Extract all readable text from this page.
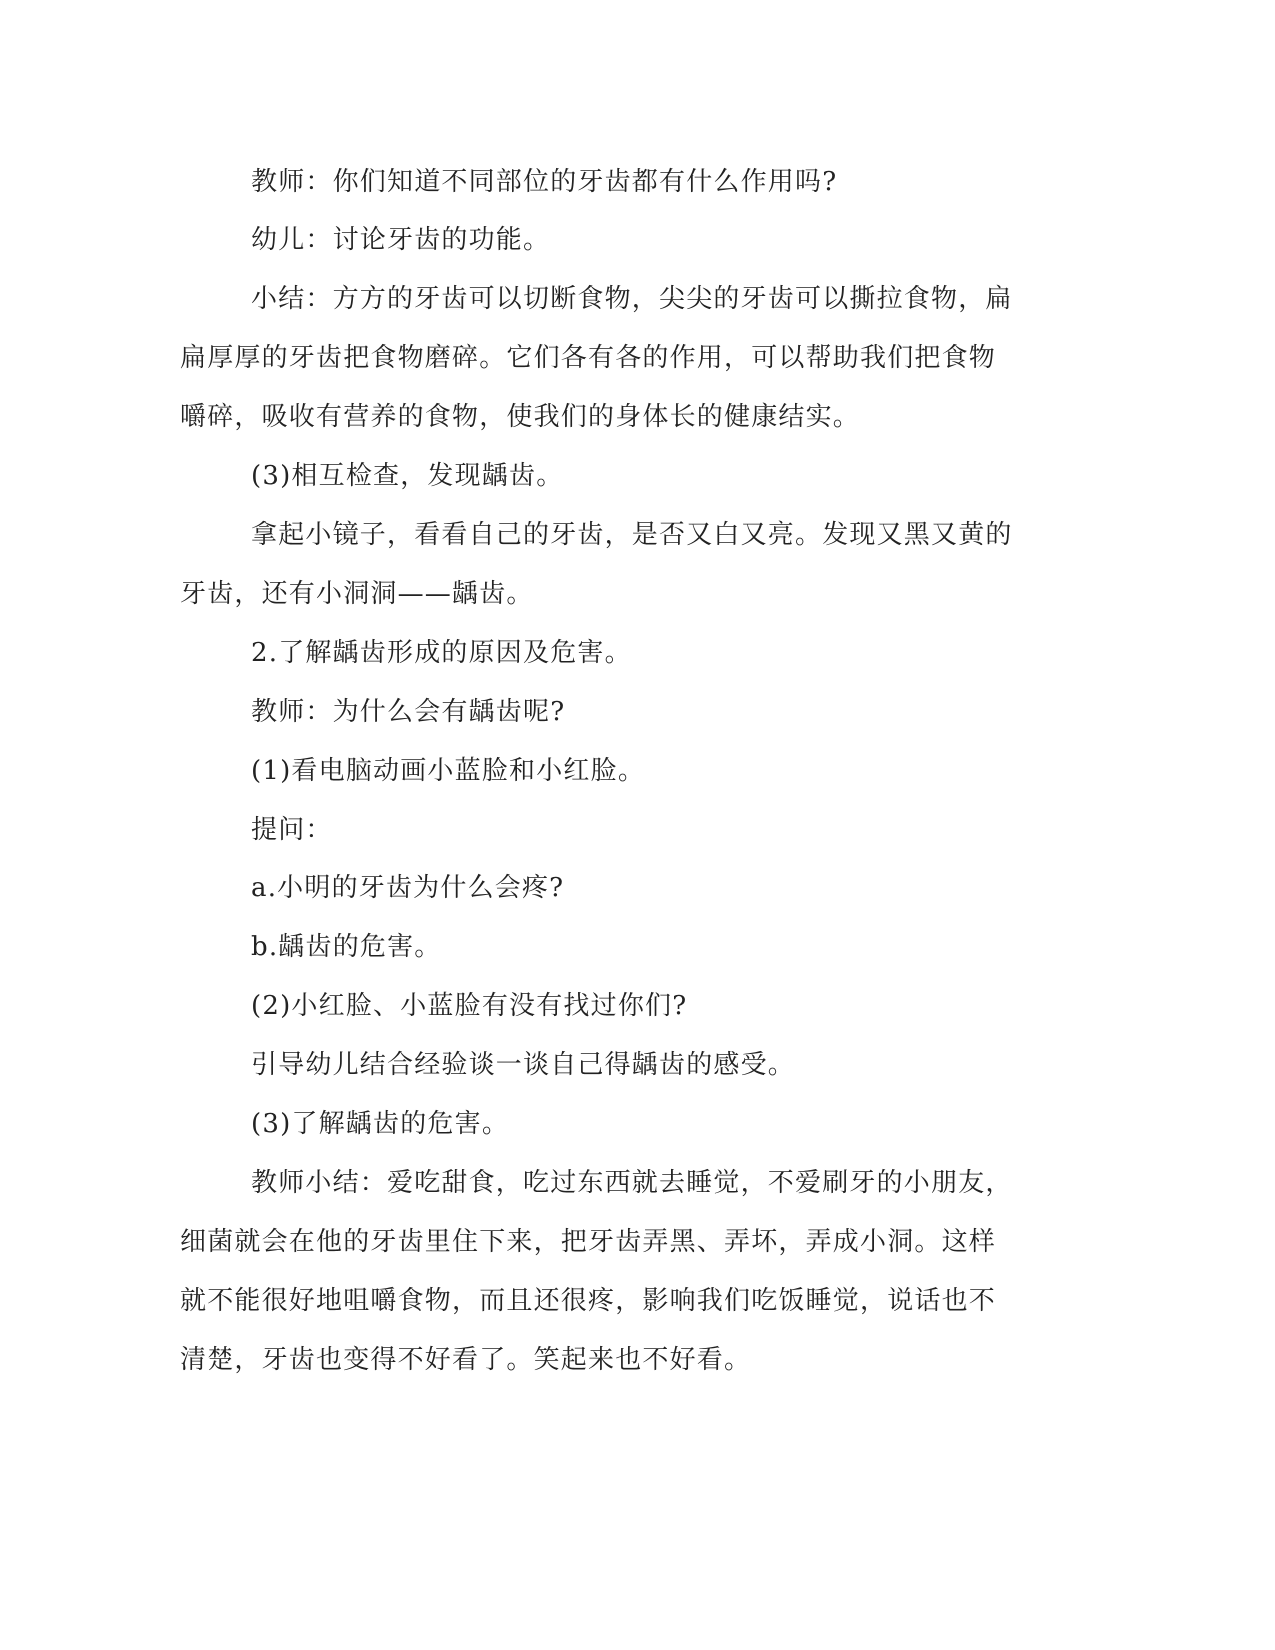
教师：你们知道不同部位的牙齿都有什么作用吗?
幼儿：讨论牙齿的功能。
小结：方方的牙齿可以切断食物，尖尖的牙齿可以撕拉食物，扁
扁厚厚的牙齿把食物磨碎。它们各有各的作用，可以帮助我们把食物
嚼碎，吸收有营养的食物，使我们的身体长的健康结实。
(3)相互检查，发现龋齿。
拿起小镜子，看看自己的牙齿，是否又白又亮。发现又黑又黄的
牙齿，还有小洞洞——龋齿。
2.了解龋齿形成的原因及危害。
教师：为什么会有龋齿呢?
(1)看电脑动画小蓝脸和小红脸。
提问：
a.小明的牙齿为什么会疼?
b.龋齿的危害。
(2)小红脸、小蓝脸有没有找过你们?
引导幼儿结合经验谈一谈自己得龋齿的感受。
(3)了解龋齿的危害。
教师小结：爱吃甜食，吃过东西就去睡觉，不爱刷牙的小朋友，
细菌就会在他的牙齿里住下来，把牙齿弄黑、弄坏，弄成小洞。这样
就不能很好地咀嚼食物，而且还很疼，影响我们吃饭睡觉，说话也不
清楚，牙齿也变得不好看了。笑起来也不好看。
